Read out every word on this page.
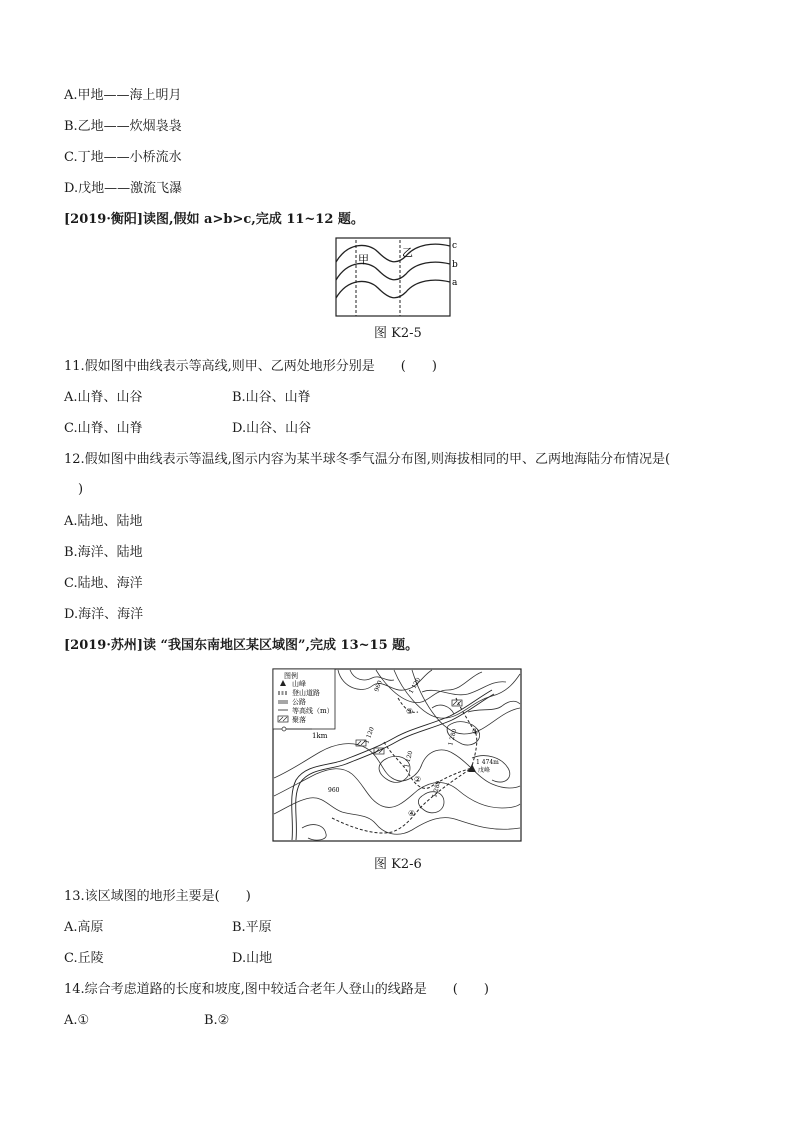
A.甲地——海上明月
B.乙地——炊烟袅袅
C.丁地——小桥流水
D.戊地——激流飞瀑
[2019·衡阳]读图,假如 a>b>c,完成 11~12 题。
甲
乙	c
b
a
图 K2-5
11.假如图中曲线表示等高线,则甲、乙两处地形分别是　　(　　)
A.山脊、山谷	B.山谷、山脊
C.山脊、山脊	D.山谷、山谷
12.假如图中曲线表示等温线,图示内容为某半球冬季气温分布图,则海拔相同的甲、乙两地海陆分布情况是(
)
A.陆地、陆地
B.海洋、陆地
C.陆地、海洋
D.海洋、海洋
[2019·苏州]读 “我国东南地区某区域图”,完成 13~15 题。
图例
山峰
登山道路
公路
等高线（m）
聚落
1km
1 474m
戊峰
960	1 120
1 120
1 120
960	1 280
1 280 ①
②
③
④
图 K2-6
13.该区域图的地形主要是(　　)
A.高原	B.平原
C.丘陵	D.山地
14.综合考虑道路的长度和坡度,图中较适合老年人登山的线路是　　(　　)
A.①	B.②
